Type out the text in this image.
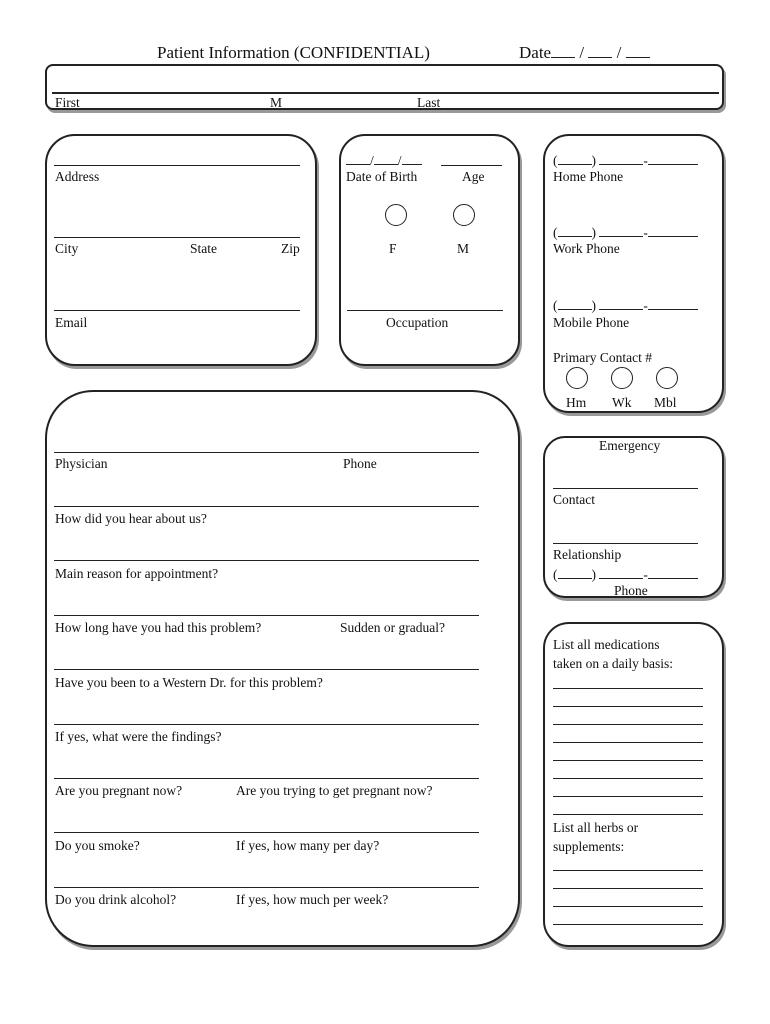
Patient Information (CONFIDENTIAL)	Date / /
First	M	Last
Address
City	State	Zip
Email
/ /
Date of Birth	Age
F	M
Occupation
(	)	-
Home Phone
(	)	-
Work Phone
(	)	-
Mobile Phone
Primary Contact #
Hm Wk Mbl
Physician	Phone
How did you hear about us?
Main reason for appointment?
How long have you had this problem?	Sudden or gradual?
Have you been to a Western Dr. for this problem?
If yes, what were the findings?
Are you pregnant now?	Are you trying to get pregnant now?
Do you smoke?	If yes, how many per day?
Do you drink alcohol?	If yes, how much per week?
Emergency
Contact
Relationship
(	)	-
Phone
List all medications
taken on a daily basis:
List all herbs or
supplements:
